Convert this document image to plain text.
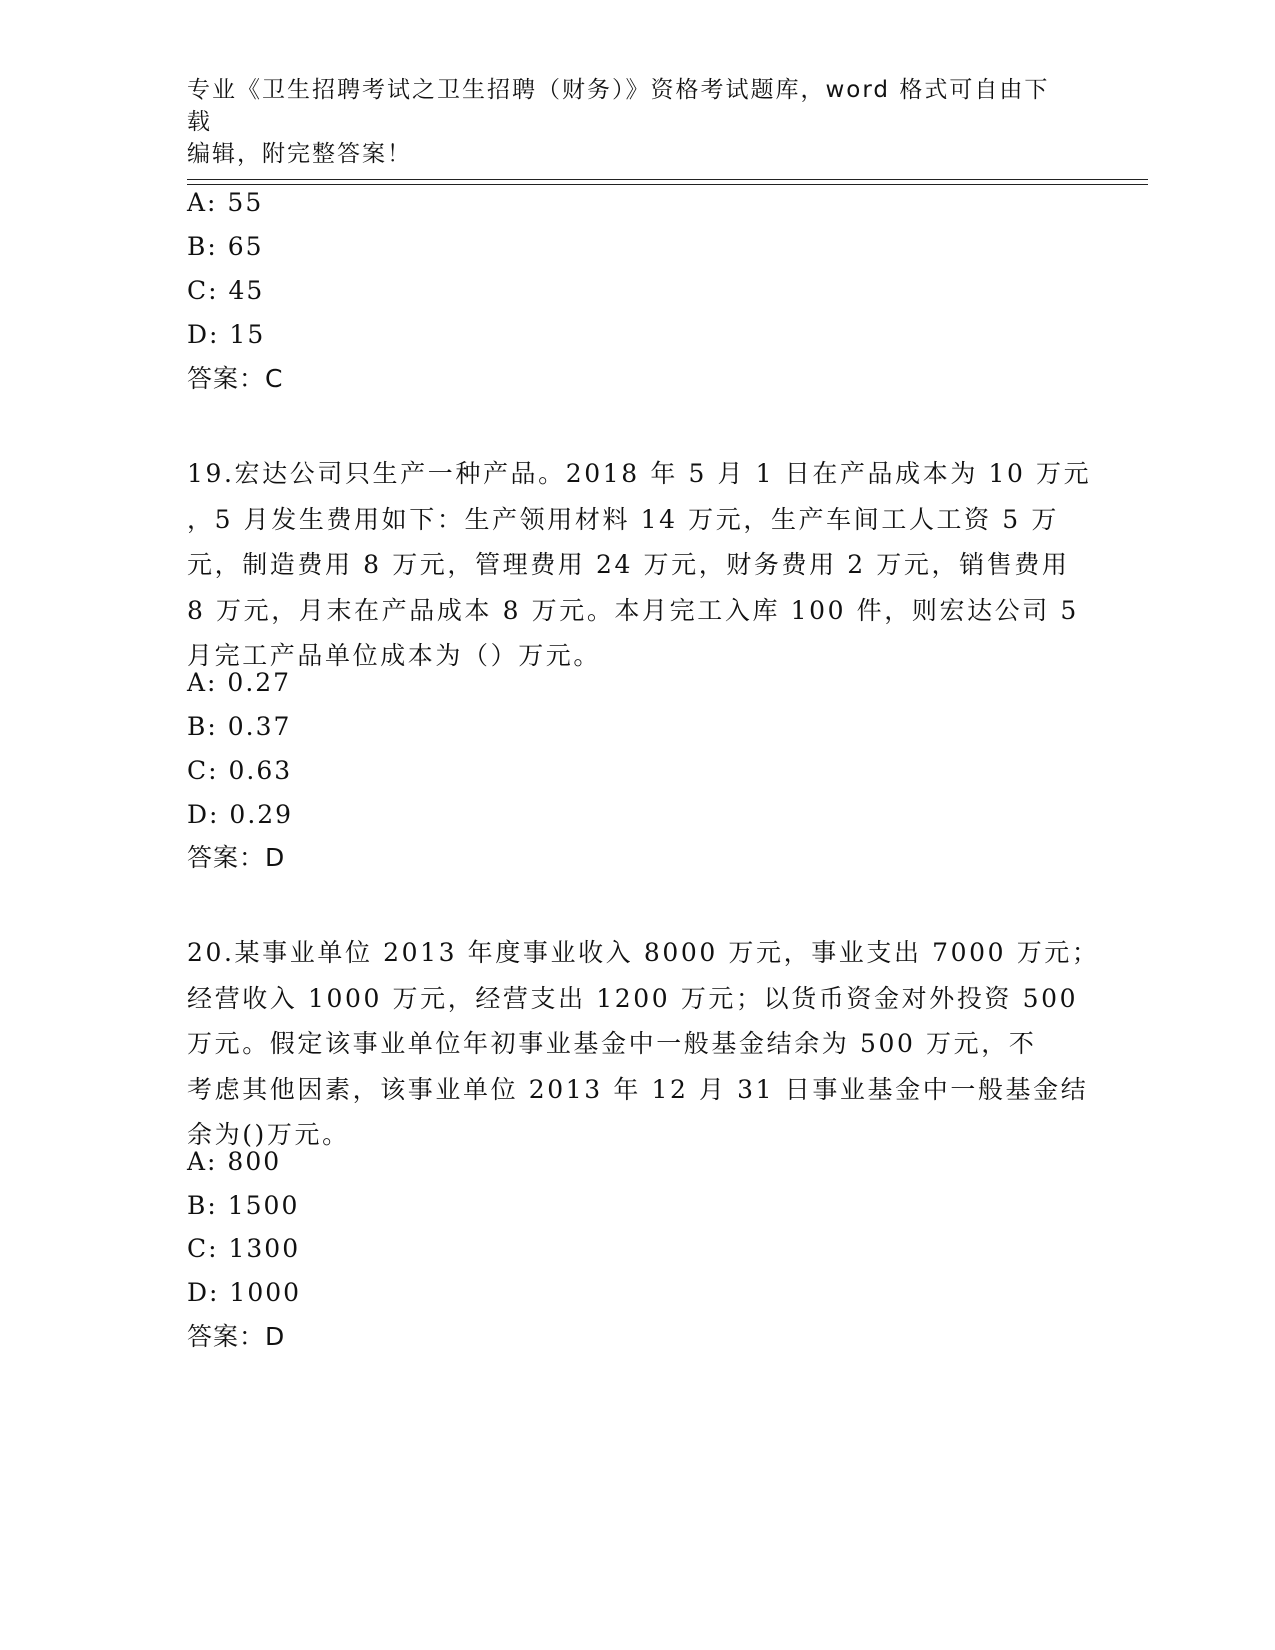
专业《卫生招聘考试之卫生招聘（财务）》资格考试题库，word 格式可自由下载
编辑，附完整答案！
A: 55
B: 65
C: 45
D: 15
答案：C
19.宏达公司只生产一种产品。2018 年 5 月 1 日在产品成本为 10 万元
，5 月发生费用如下：生产领用材料 14 万元，生产车间工人工资 5 万
元，制造费用 8 万元，管理费用 24 万元，财务费用 2 万元，销售费用
8 万元，月末在产品成本 8 万元。本月完工入库 100 件，则宏达公司 5
月完工产品单位成本为（）万元。
A: 0.27
B: 0.37
C: 0.63
D: 0.29
答案：D
20.某事业单位 2013 年度事业收入 8000 万元，事业支出 7000 万元；
经营收入 1000 万元，经营支出 1200 万元；以货币资金对外投资 500
万元。假定该事业单位年初事业基金中一般基金结余为 500 万元，不
考虑其他因素，该事业单位 2013 年 12 月 31 日事业基金中一般基金结
余为()万元。
A: 800
B: 1500
C: 1300
D: 1000
答案：D
